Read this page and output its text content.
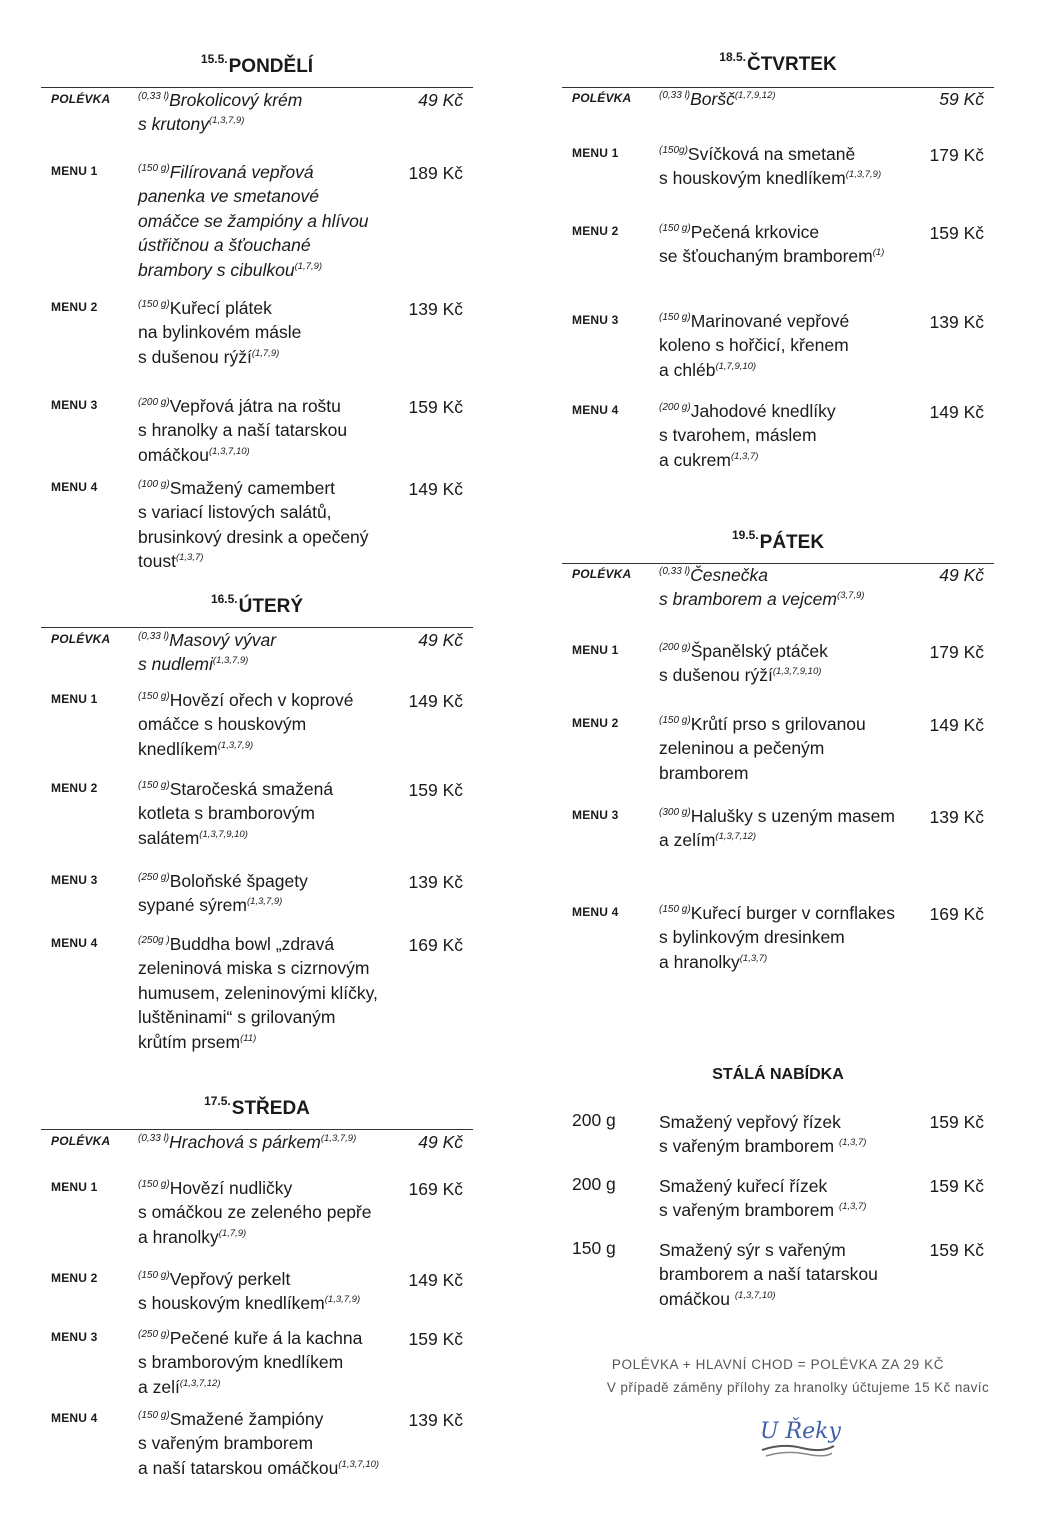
$^{15.5.}$PONDĚLÍ
POLÉVKA	$^{(0,33 l)}$Brokolicový krém
s krutony$^{(1,3,7,9)}$
49 Kč
MENU 1	$^{(150 g)}$Filírovaná vepřová
panenka ve smetanové
omáčce se žampióny a hlívou
ústřičnou a šťouchané
brambory s cibulkou$^{(1,7,9)}$
189 Kč
MENU 2	$^{(150 g)}$Kuřecí plátek
na bylinkovém másle
s dušenou rýží$^{(1,7,9)}$
139 Kč
MENU 3	$^{(200 g)}$Vepřová játra na roštu
s hranolky a naší tatarskou
omáčkou$^{(1,3,7,10)}$
159 Kč
MENU 4	$^{(100 g)}$Smažený camembert
s variací listových salátů,
brusinkový dresink a opečený
toust$^{(1,3,7)}$
149 Kč
$^{16.5.}$ÚTERÝ
POLÉVKA	$^{(0,33 l)}$Masový vývar
s nudlemi$^{(1,3,7,9)}$
49 Kč
MENU 1	$^{(150 g)}$Hovězí ořech v koprové
omáčce s houskovým
knedlíkem$^{(1,3,7,9)}$
149 Kč
MENU 2	$^{(150 g)}$Staročeská smažená
kotleta s bramborovým
salátem$^{(1,3,7,9,10)}$
159 Kč
MENU 3	$^{(250 g)}$Boloňské špagety
sypané sýrem$^{(1,3,7,9)}$
139 Kč
MENU 4	$^{(250g )}$Buddha bowl „zdravá
zeleninová miska s cizrnovým
humusem, zeleninovými klíčky,
luštěninami“ s grilovaným
krůtím prsem$^{(11)}$
169 Kč
$^{17.5.}$STŘEDA
POLÉVKA	$^{(0,33 l)}$Hrachová s párkem$^{(1,3,7,9)}$	49 Kč
MENU 1	$^{(150 g)}$Hovězí nudličky
s omáčkou ze zeleného pepře
a hranolky$^{(1,7,9)}$
169 Kč
MENU 2	$^{(150 g)}$Vepřový perkelt
s houskovým knedlíkem$^{(1,3,7,9)}$
149 Kč
MENU 3	$^{(250 g)}$Pečené kuře á la kachna
s bramborovým knedlíkem
a zelí$^{(1,3,7,12)}$
159 Kč
MENU 4	$^{(150 g)}$Smažené žampióny
s vařeným bramborem
a naší tatarskou omáčkou$^{(1,3,7,10)}$
139 Kč
$^{18.5.}$ČTVRTEK
POLÉVKA	$^{(0,33 l)}$Boršč$^{(1,7,9,12)}$	59 Kč
MENU 1	$^{(150g)}$Svíčková na smetaně
s houskovým knedlíkem$^{(1,3,7,9)}$
179 Kč
MENU 2	$^{(150 g)}$Pečená krkovice
se šťouchaným bramborem$^{(1)}$
159 Kč
MENU 3	$^{(150 g)}$Marinované vepřové
koleno s hořčicí, křenem
a chléb$^{(1,7,9,10)}$
139 Kč
MENU 4	$^{(200 g)}$Jahodové knedlíky
s tvarohem, máslem
a cukrem$^{(1,3,7)}$
149 Kč
$^{19.5.}$PÁTEK
POLÉVKA	$^{(0,33 l)}$Česnečka
s bramborem a vejcem$^{(3,7,9)}$
49 Kč
MENU 1	$^{(200 g)}$Španělský ptáček
s dušenou rýží$^{(1,3,7,9,10)}$
179 Kč
MENU 2	$^{(150 g)}$Krůtí prso s grilovanou
zeleninou a pečeným
bramborem
149 Kč
MENU 3	$^{(300 g)}$Halušky s uzeným masem
a zelím$^{(1,3,7,12)}$
139 Kč
MENU 4	$^{(150 g)}$Kuřecí burger v cornflakes
s bylinkovým dresinkem
a hranolky$^{(1,3,7)}$
169 Kč
STÁLÁ NABÍDKA
200 g Smažený vepřový řízek
s vařeným bramborem $^{(1,3,7)}$
159 Kč
200 g Smažený kuřecí řízek
s vařeným bramborem $^{(1,3,7)}$
159 Kč
150 g Smažený sýr s vařeným
bramborem a naší tatarskou
omáčkou $^{(1,3,7,10)}$
159 Kč
POLÉVKA + HLAVNÍ CHOD = POLÉVKA ZA 29 KČ
V případě záměny přílohy za hranolky účtujeme 15 Kč navíc
U Řeky
